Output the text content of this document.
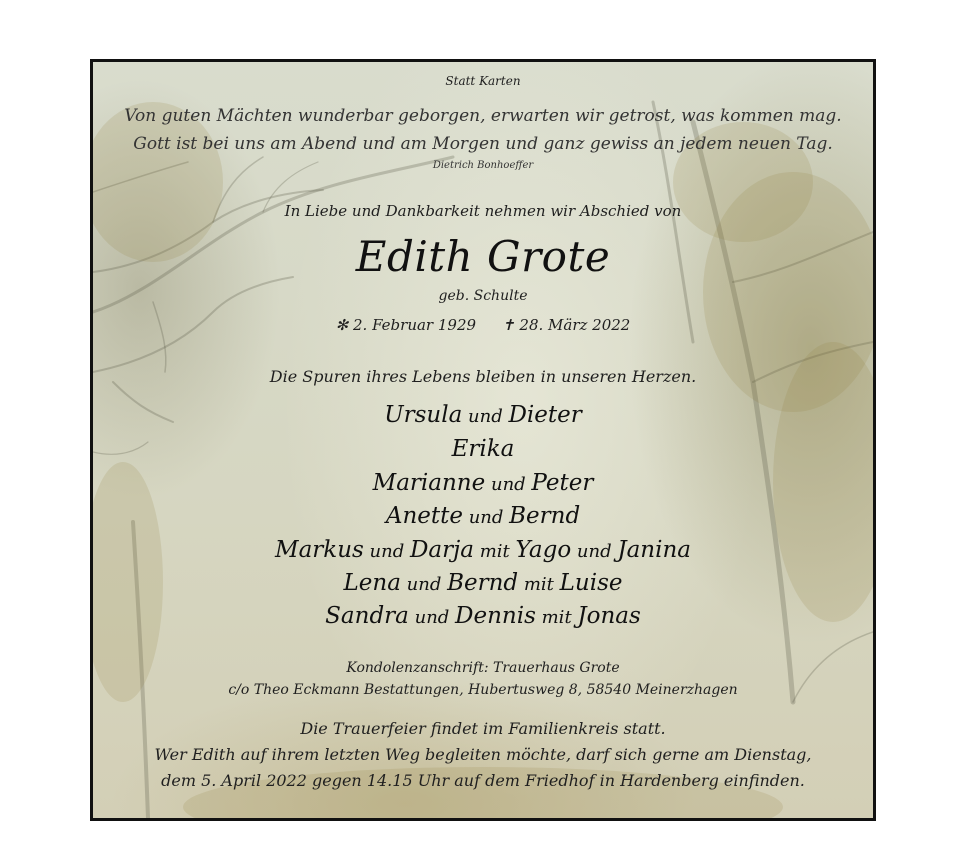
Statt Karten
Von guten Mächten wunderbar geborgen, erwarten wir getrost, was kommen mag.
Gott ist bei uns am Abend und am Morgen und ganz gewiss an jedem neuen Tag.
Dietrich Bonhoeffer
In Liebe und Dankbarkeit nehmen wir Abschied von
Edith Grote
geb. Schulte
✻ 2. Februar 1929 ✝ 28. März 2022
Die Spuren ihres Lebens bleiben in unseren Herzen.
Ursula und Dieter
Erika
Marianne und Peter
Anette und Bernd
Markus und Darja mit Yago und Janina
Lena und Bernd mit Luise
Sandra und Dennis mit Jonas
Kondolenzanschrift: Trauerhaus Grote
c/o Theo Eckmann Bestattungen, Hubertusweg 8, 58540 Meinerzhagen
Die Trauerfeier findet im Familienkreis statt.
Wer Edith auf ihrem letzten Weg begleiten möchte, darf sich gerne am Dienstag,
dem 5. April 2022 gegen 14.15 Uhr auf dem Friedhof in Hardenberg einfinden.
